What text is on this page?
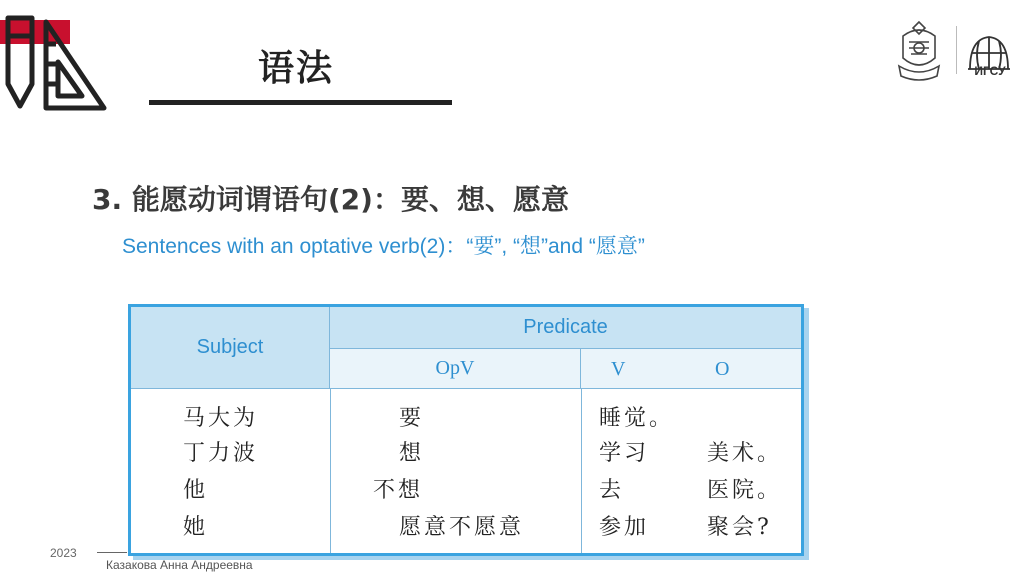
语法	ИГСУ
3. 能愿动词谓语句(2)：要、想、愿意
Sentences with an optative verb(2)：“要”, “想”and “愿意”
Subject
Predicate
OpV	V	O
马大为	要	睡觉。
丁力波	想	学习	美术。
他	不想	去	医院。
她	愿意不愿意	参加	聚会?
2023
Казакова Анна Андреевна
